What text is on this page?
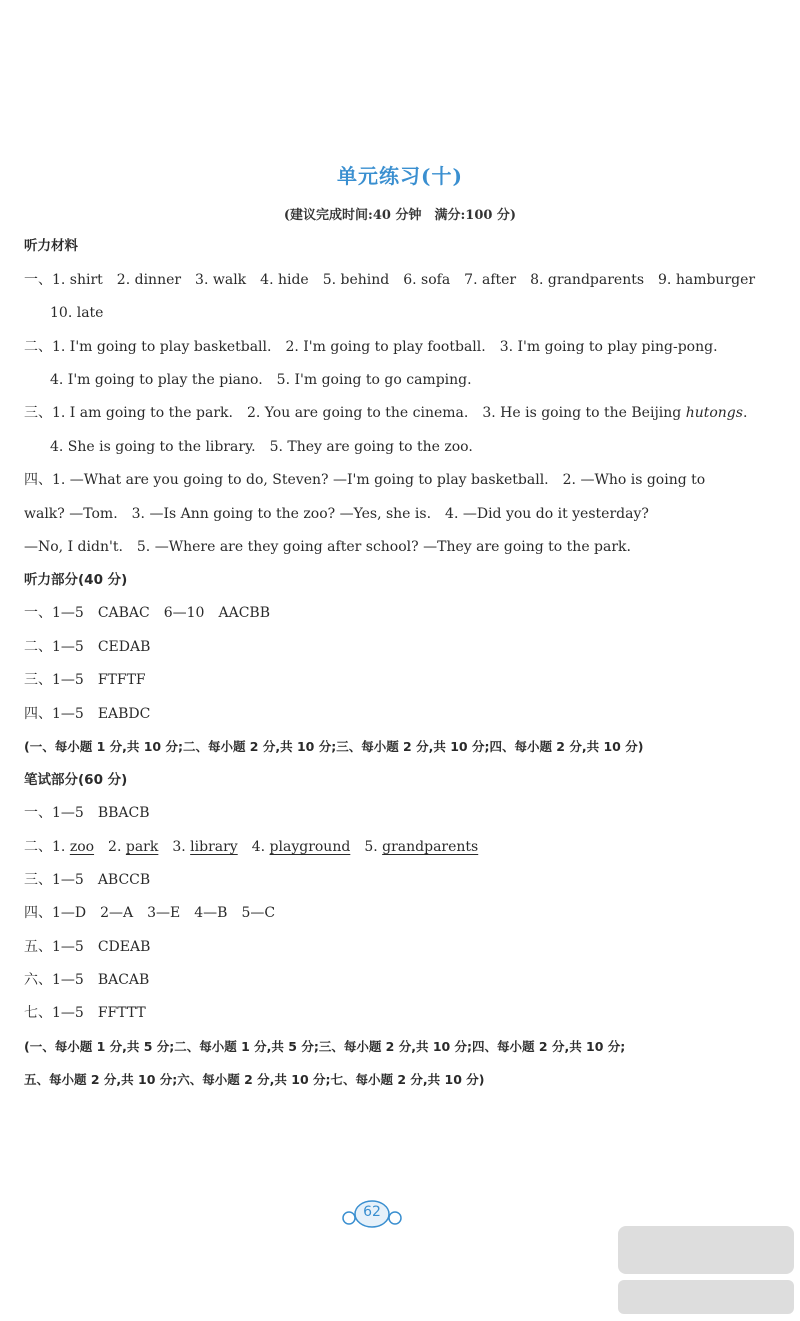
单元练习(十)
(建议完成时间:40 分钟　满分:100 分)
听力材料
一、1. shirt　2. dinner　3. walk　4. hide　5. behind　6. sofa　7. after　8. grandparents　9. hamburger
10. late
二、1. I'm going to play basketball.　2. I'm going to play football.　3. I'm going to play ping-pong.
4. I'm going to play the piano.　5. I'm going to go camping.
三、1. I am going to the park.　2. You are going to the cinema.　3. He is going to the Beijing hutongs.
4. She is going to the library.　5. They are going to the zoo.
四、1. —What are you going to do, Steven? —I'm going to play basketball.　2. —Who is going to
walk? —Tom.　3. —Is Ann going to the zoo? —Yes, she is.　4. —Did you do it yesterday?
—No, I didn't.　5. —Where are they going after school? —They are going to the park.
听力部分(40 分)
一、1—5　CABAC　6—10　AACBB
二、1—5　CEDAB
三、1—5　FTFTF
四、1—5　EABDC
(一、每小题 1 分,共 10 分;二、每小题 2 分,共 10 分;三、每小题 2 分,共 10 分;四、每小题 2 分,共 10 分)
笔试部分(60 分)
一、1—5　BBACB
二、1. zoo 2. park 3. library 4. playground 5. grandparents
三、1—5　ABCCB
四、1—D　2—A　3—E　4—B　5—C
五、1—5　CDEAB
六、1—5　BACAB
七、1—5　FFTTT
(一、每小题 1 分,共 5 分;二、每小题 1 分,共 5 分;三、每小题 2 分,共 10 分;四、每小题 2 分,共 10 分;
五、每小题 2 分,共 10 分;六、每小题 2 分,共 10 分;七、每小题 2 分,共 10 分)
62
